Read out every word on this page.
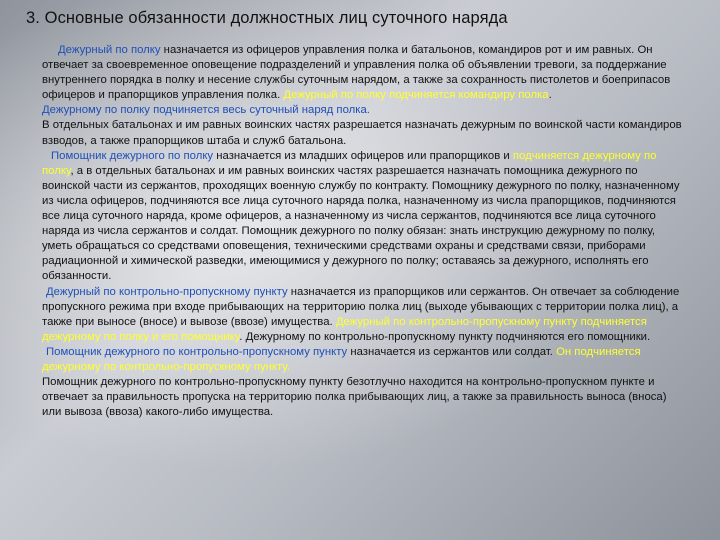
3. Основные обязанности должностных лиц суточного наряда

Дежурный по полку назначается из офицеров управления полка и батальонов, командиров рот и им равных. Он отвечает за своевременное оповещение подразделений и управления полка об объявлении тревоги, за поддержание внутреннего порядка в полку и несение службы суточным нарядом, а также за сохранность пистолетов и боеприпасов офицеров и прапорщиков управления полка. Дежурный по полку подчиняется командиру полка.

Дежурному по полку подчиняется весь суточный наряд полка.

В отдельных батальонах и им равных воинских частях разрешается назначать дежурным по воинской части командиров взводов, а также прапорщиков штаба и служб батальона.

Помощник дежурного по полку назначается из младших офицеров или прапорщиков и подчиняется дежурному по полку, а в отдельных батальонах и им равных воинских частях разрешается назначать помощника дежурного по воинской части из сержантов, проходящих военную службу по контракту. Помощнику дежурного по полку, назначенному из числа офицеров, подчиняются все лица суточного наряда полка, назначенному из числа прапорщиков, подчиняются все лица суточного наряда, кроме офицеров, а назначенному из числа сержантов, подчиняются все лица суточного наряда из числа сержантов и солдат. Помощник дежурного по полку обязан: знать инструкцию дежурному по полку, уметь обращаться со средствами оповещения, техническими средствами охраны и средствами связи, приборами радиационной и химической разведки, имеющимися у дежурного по полку; оставаясь за дежурного, исполнять его обязанности.

Дежурный по контрольно-пропускному пункту назначается из прапорщиков или сержантов. Он отвечает за соблюдение пропускного режима при входе прибывающих на территорию полка лиц (выходе убывающих с территории полка лиц), а также при выносе (вносе) и вывозе (ввозе) имущества. Дежурный по контрольно-пропускному пункту подчиняется дежурному по полку и его помощнику. Дежурному по контрольно-пропускному пункту подчиняются его помощники.

Помощник дежурного по контрольно-пропускному пункту назначается из сержантов или солдат. Он подчиняется дежурному по контрольно-пропускному пункту.

Помощник дежурного по контрольно-пропускному пункту безотлучно находится на контрольно-пропускном пункте и отвечает за правильность пропуска на территорию полка прибывающих лиц, а также за правильность выноса (вноса) или вывоза (ввоза) какого-либо имущества.
